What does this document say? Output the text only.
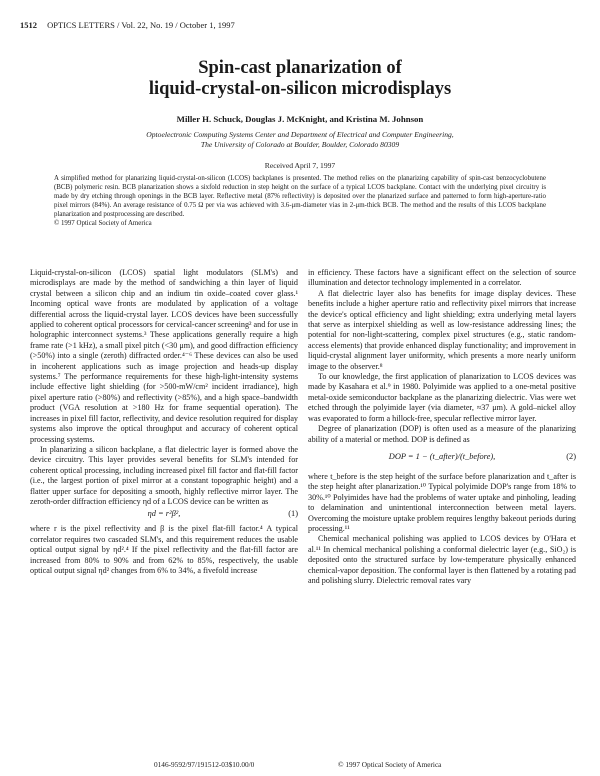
1512 OPTICS LETTERS / Vol. 22, No. 19 / October 1, 1997
Spin-cast planarization of
liquid-crystal-on-silicon microdisplays
Miller H. Schuck, Douglas J. McKnight, and Kristina M. Johnson
Optoelectronic Computing Systems Center and Department of Electrical and Computer Engineering,
The University of Colorado at Boulder, Boulder, Colorado 80309
Received April 7, 1997
A simplified method for planarizing liquid-crystal-on-silicon (LCOS) backplanes is presented. The method relies on the planarizing capability of spin-cast benzocyclobutene (BCB) polymeric resin. BCB planarization shows a sixfold reduction in step height on the surface of a typical LCOS backplane. Contact with the underlying pixel circuitry is made by dry etching through openings in the BCB layer. Reflective metal (87% reflectivity) is deposited over the planarized surface and patterned to form high-aperture-ratio pixel mirrors (84%). An average resistance of 0.75 Ω per via was achieved with 3.6-μm-diameter vias in 2-μm-thick BCB. The method and the results of this LCOS backplane planarization and postprocessing are described.
© 1997 Optical Society of America

Liquid-crystal-on-silicon (LCOS) spatial light modulators (SLM's) and microdisplays are made by the method of sandwiching a thin layer of liquid crystal between a silicon chip and an indium tin oxide–coated cover glass.¹ Incoming optical wave fronts are modulated by application of a voltage differential across the liquid-crystal layer. LCOS devices have been successfully applied to coherent optical processors for cervical-cancer screening² and for use in holographic interconnect systems.³ These applications generally require a high frame rate (>1 kHz), a small pixel pitch (<30 μm), and good diffraction efficiency (>50%) into a single (zeroth) diffracted order.⁴⁻⁶ These devices can also be used in incoherent applications such as image projection and heads-up display systems.⁷ The performance requirements for these high-light-intensity systems include effective light shielding (for >500-mW/cm² incident irradiance), high pixel aperture ratio (>80%) and reflectivity (>85%), and a high space–bandwidth product (VGA resolution at >180 Hz for frame sequential operation). The increases in pixel fill factor, reflectivity, and device resolution required for display systems also improve the optical throughput and accuracy of coherent optical processing systems.

In planarizing a silicon backplane, a flat dielectric layer is formed above the device circuitry. This layer provides several benefits for SLM's intended for coherent optical processing, including increased pixel fill factor and flat-fill factor (i.e., the largest portion of pixel mirror at a constant topographic height) and a flatter upper surface for depositing a smooth, highly reflective mirror layer. The zeroth-order diffraction efficiency ηd of a LCOS device can be written as

ηd = r²β²,	(1)

where r is the pixel reflectivity and β is the pixel flat-fill factor.⁴ A typical correlator requires two cascaded SLM's, and this requirement reduces the usable optical output signal by ηd².⁴ If the pixel reflectivity and the flat-fill factor are increased from 80% to 90% and from 62% to 85%, respectively, the usable optical output signal ηd² changes from 6% to 34%, a fivefold increase

in efficiency. These factors have a significant effect on the selection of source illumination and detector technology implemented in a correlator.

A flat dielectric layer also has benefits for image display devices. These benefits include a higher aperture ratio and reflectivity pixel mirrors that increase the device's optical efficiency and light shielding; extra underlying metal layers that serve as interpixel shielding as well as low-resistance addressing lines; the potential for non-light-scattering, complex pixel structures (e.g., static random-access elements) that provide enhanced display functionality; and improvement in liquid-crystal alignment layer uniformity, which presents a more nearly uniform image to the observer.⁸

To our knowledge, the first application of planarization to LCOS devices was made by Kasahara et al.⁹ in 1980. Polyimide was applied to a one-metal positive metal-oxide semiconductor backplane as the planarizing dielectric. Vias were wet etched through the polyimide layer (via diameter, ≈37 μm). A gold–nickel alloy was evaporated to form a hillock-free, specular reflective mirror layer.

Degree of planarization (DOP) is often used as a measure of the planarizing ability of a material or method. DOP is defined as

DOP = 1 − (t_after)/(t_before),	(2)

where t_before is the step height of the surface before planarization and t_after is the step height after planarization.¹⁰ Typical polyimide DOP's range from 18% to 30%.¹⁰ Polyimides have had the problems of water uptake and pinholing, leading to delamination and unintentional interconnection between metal layers. Overcoming the moisture uptake problem requires lengthy bakeout periods during processing.¹¹

Chemical mechanical polishing was applied to LCOS devices by O'Hara et al.¹¹ In chemical mechanical polishing a conformal dielectric layer (e.g., SiO₂) is deposited onto the structured surface by low-temperature physically enhanced chemical-vapor deposition. The conformal layer is then flattened by a rotating pad and polishing slurry. Dielectric removal rates vary

0146-9592/97/191512-03$10.00/0	© 1997 Optical Society of America
